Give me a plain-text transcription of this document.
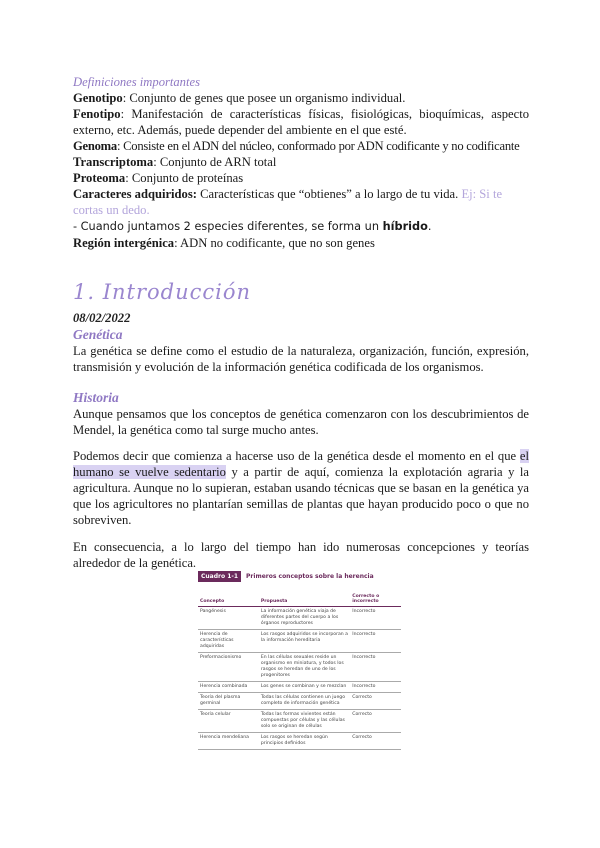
Definiciones importantes

Genotipo: Conjunto de genes que posee un organismo individual.

Fenotipo: Manifestación de características físicas, fisiológicas, bioquímicas, aspecto externo, etc. Además, puede depender del ambiente en el que esté.

Genoma: Consiste en el ADN del núcleo, conformado por ADN codificante y no codificante

Transcriptoma: Conjunto de ARN total

Proteoma: Conjunto de proteínas

Caracteres adquiridos: Características que “obtienes” a lo largo de tu vida. Ej: Si te cortas un dedo.

- Cuando juntamos 2 especies diferentes, se forma un híbrido.

Región intergénica: ADN no codificante, que no son genes

1. Introducción
08/02/2022
Genética

La genética se define como el estudio de la naturaleza, organización, función, expresión, transmisión y evolución de la información genética codificada de los organismos.

Historia

Aunque pensamos que los conceptos de genética comenzaron con los descubrimientos de Mendel, la genética como tal surge mucho antes.

Podemos decir que comienza a hacerse uso de la genética desde el momento en el que el humano se vuelve sedentario y a partir de aquí, comienza la explotación agraria y la agricultura. Aunque no lo supieran, estaban usando técnicas que se basan en la genética ya que los agricultores no plantarían semillas de plantas que hayan producido poco o que no sobreviven.

En consecuencia, a lo largo del tiempo han ido numerosas concepciones y teorías alrededor de la genética.

Cuadro 1-1	Primeros conceptos sobre la herencia
Concepto	Propuesta	Correcto o incorrecto
Pangénesis	La información genética viaja de diferentes partes del cuerpo a los órganos reproductores	Incorrecto
Herencia de características adquiridas	Los rasgos adquiridos se incorporan a la información hereditaria	Incorrecto
Preformacionismo	En las células sexuales reside un organismo en miniatura, y todos los rasgos se heredan de uno de los progenitores	Incorrecto
Herencia combinada	Los genes se combinan y se mezclan	Incorrecto
Teoría del plasma germinal	Todas las células contienen un juego completo de información genética	Correcto
Teoría celular	Todas las formas vivientes están compuestas por células y las células solo se originan de células	Correcto
Herencia mendeliana	Los rasgos se heredan según principios definidos	Correcto
